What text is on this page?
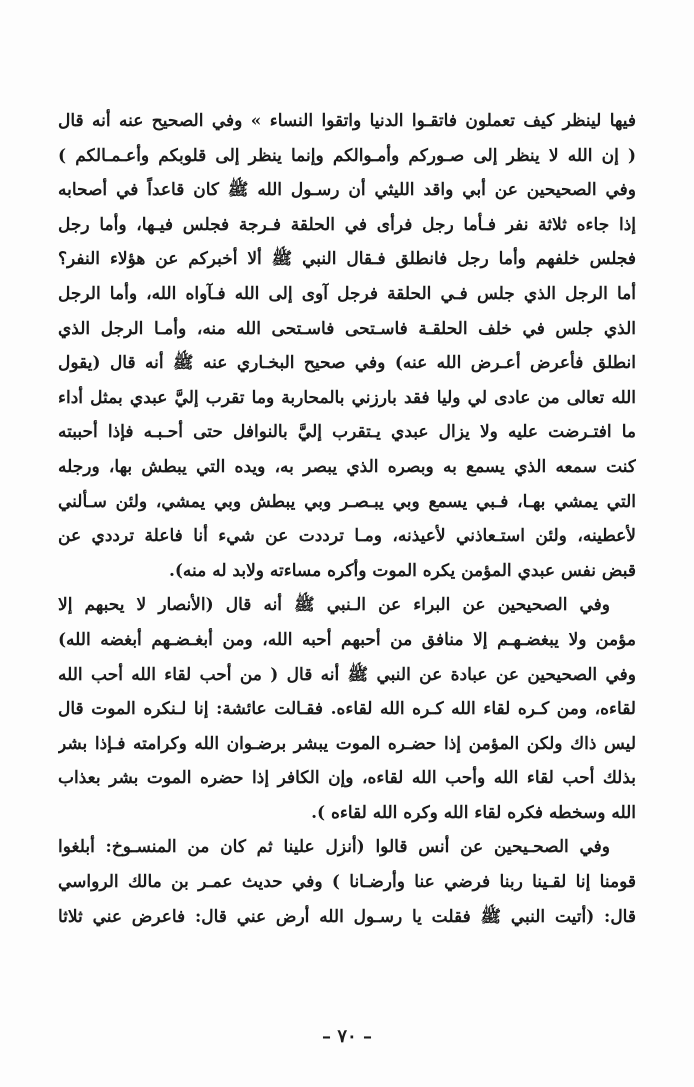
فيها لينظر كيف تعملون فاتقـوا الدنيا واتقوا النساء » وفي الصحيح عنه أنه قال
( إن الله لا ينظر إلى صـوركم وأمـوالكم وإنما ينظر إلى قلوبكم وأعـمـالكم )
وفي الصحيحين عن أبي واقد الليثي أن رسـول الله ﷺ كان قاعداً في أصحابه
إذا جاءه ثلاثة نفر فـأما رجل فرأى في الحلقة فـرجة فجلس فيـها، وأما رجل
فجلس خلفهم وأما رجل فانطلق فـقال النبي ﷺ ألا أخبركم عن هؤلاء النفر؟
أما الرجل الذي جلس فـي الحلقة فرجل آوى إلى الله فـآواه الله، وأما الرجل
الذي جلس في خلف الحلقـة فاسـتحى فاسـتحى الله منه، وأمـا الرجل الذي
انطلق فأعرض أعـرض الله عنه) وفي صحيح البخـاري عنه ﷺ أنه قال (يقول
الله تعالى من عادى لي وليا فقد بارزني بالمحاربة وما تقرب إليَّ عبدي بمثل أداء
ما افتـرضت عليه ولا يزال عبدي يـتقرب إليَّ بالنوافل حتى أحـبـه فإذا أحببته
كنت سمعه الذي يسمع به وبصره الذي يبصر به، ويده التي يبطش بها، ورجله
التي يمشي بهـا، فـبي يسمع وبي يبـصـر وبي يبطش وبي يمشي، ولئن سـألني
لأعطينه، ولئن استـعاذني لأعيذنه، ومـا ترددت عن شيء أنا فاعلة ترددي عن
قبض نفس عبدي المؤمن يكره الموت وأكره مساءته ولابد له منه).
وفي الصحيحين عن البراء عن الـنبي ﷺ أنه قال (الأنصار لا يحبهم إلا
مؤمن ولا يبغضـهـم إلا منافق من أحبهم أحبه الله، ومن أبغـضـهم أبغضه الله)
وفي الصحيحين عن عبادة عن النبي ﷺ أنه قال ( من أحب لقاء الله أحب الله
لقاءه، ومن كـره لقاء الله كـره الله لقاءه. فقـالت عائشة: إنا لـنكره الموت قال
ليس ذاك ولكن المؤمن إذا حضـره الموت يبشر برضـوان الله وكرامته فـإذا بشر
بذلك أحب لقاء الله وأحب الله لقاءه، وإن الكافر إذا حضره الموت بشر بعذاب
الله وسخطه فكره لقاء الله وكره الله لقاءه ).
وفي الصحـيحين عن أنس قالوا (أنزل علينا ثم كان من المنسـوخ: أبلغوا
قومنا إنا لقـينا ربنا فرضي عنا وأرضـانا ) وفي حديث عمـر بن مالك الرواسي
قال: (أتيت النبي ﷺ فقلت يا رسـول الله أرض عني قال: فاعرض عني ثلاثا
– ٧٠ –
